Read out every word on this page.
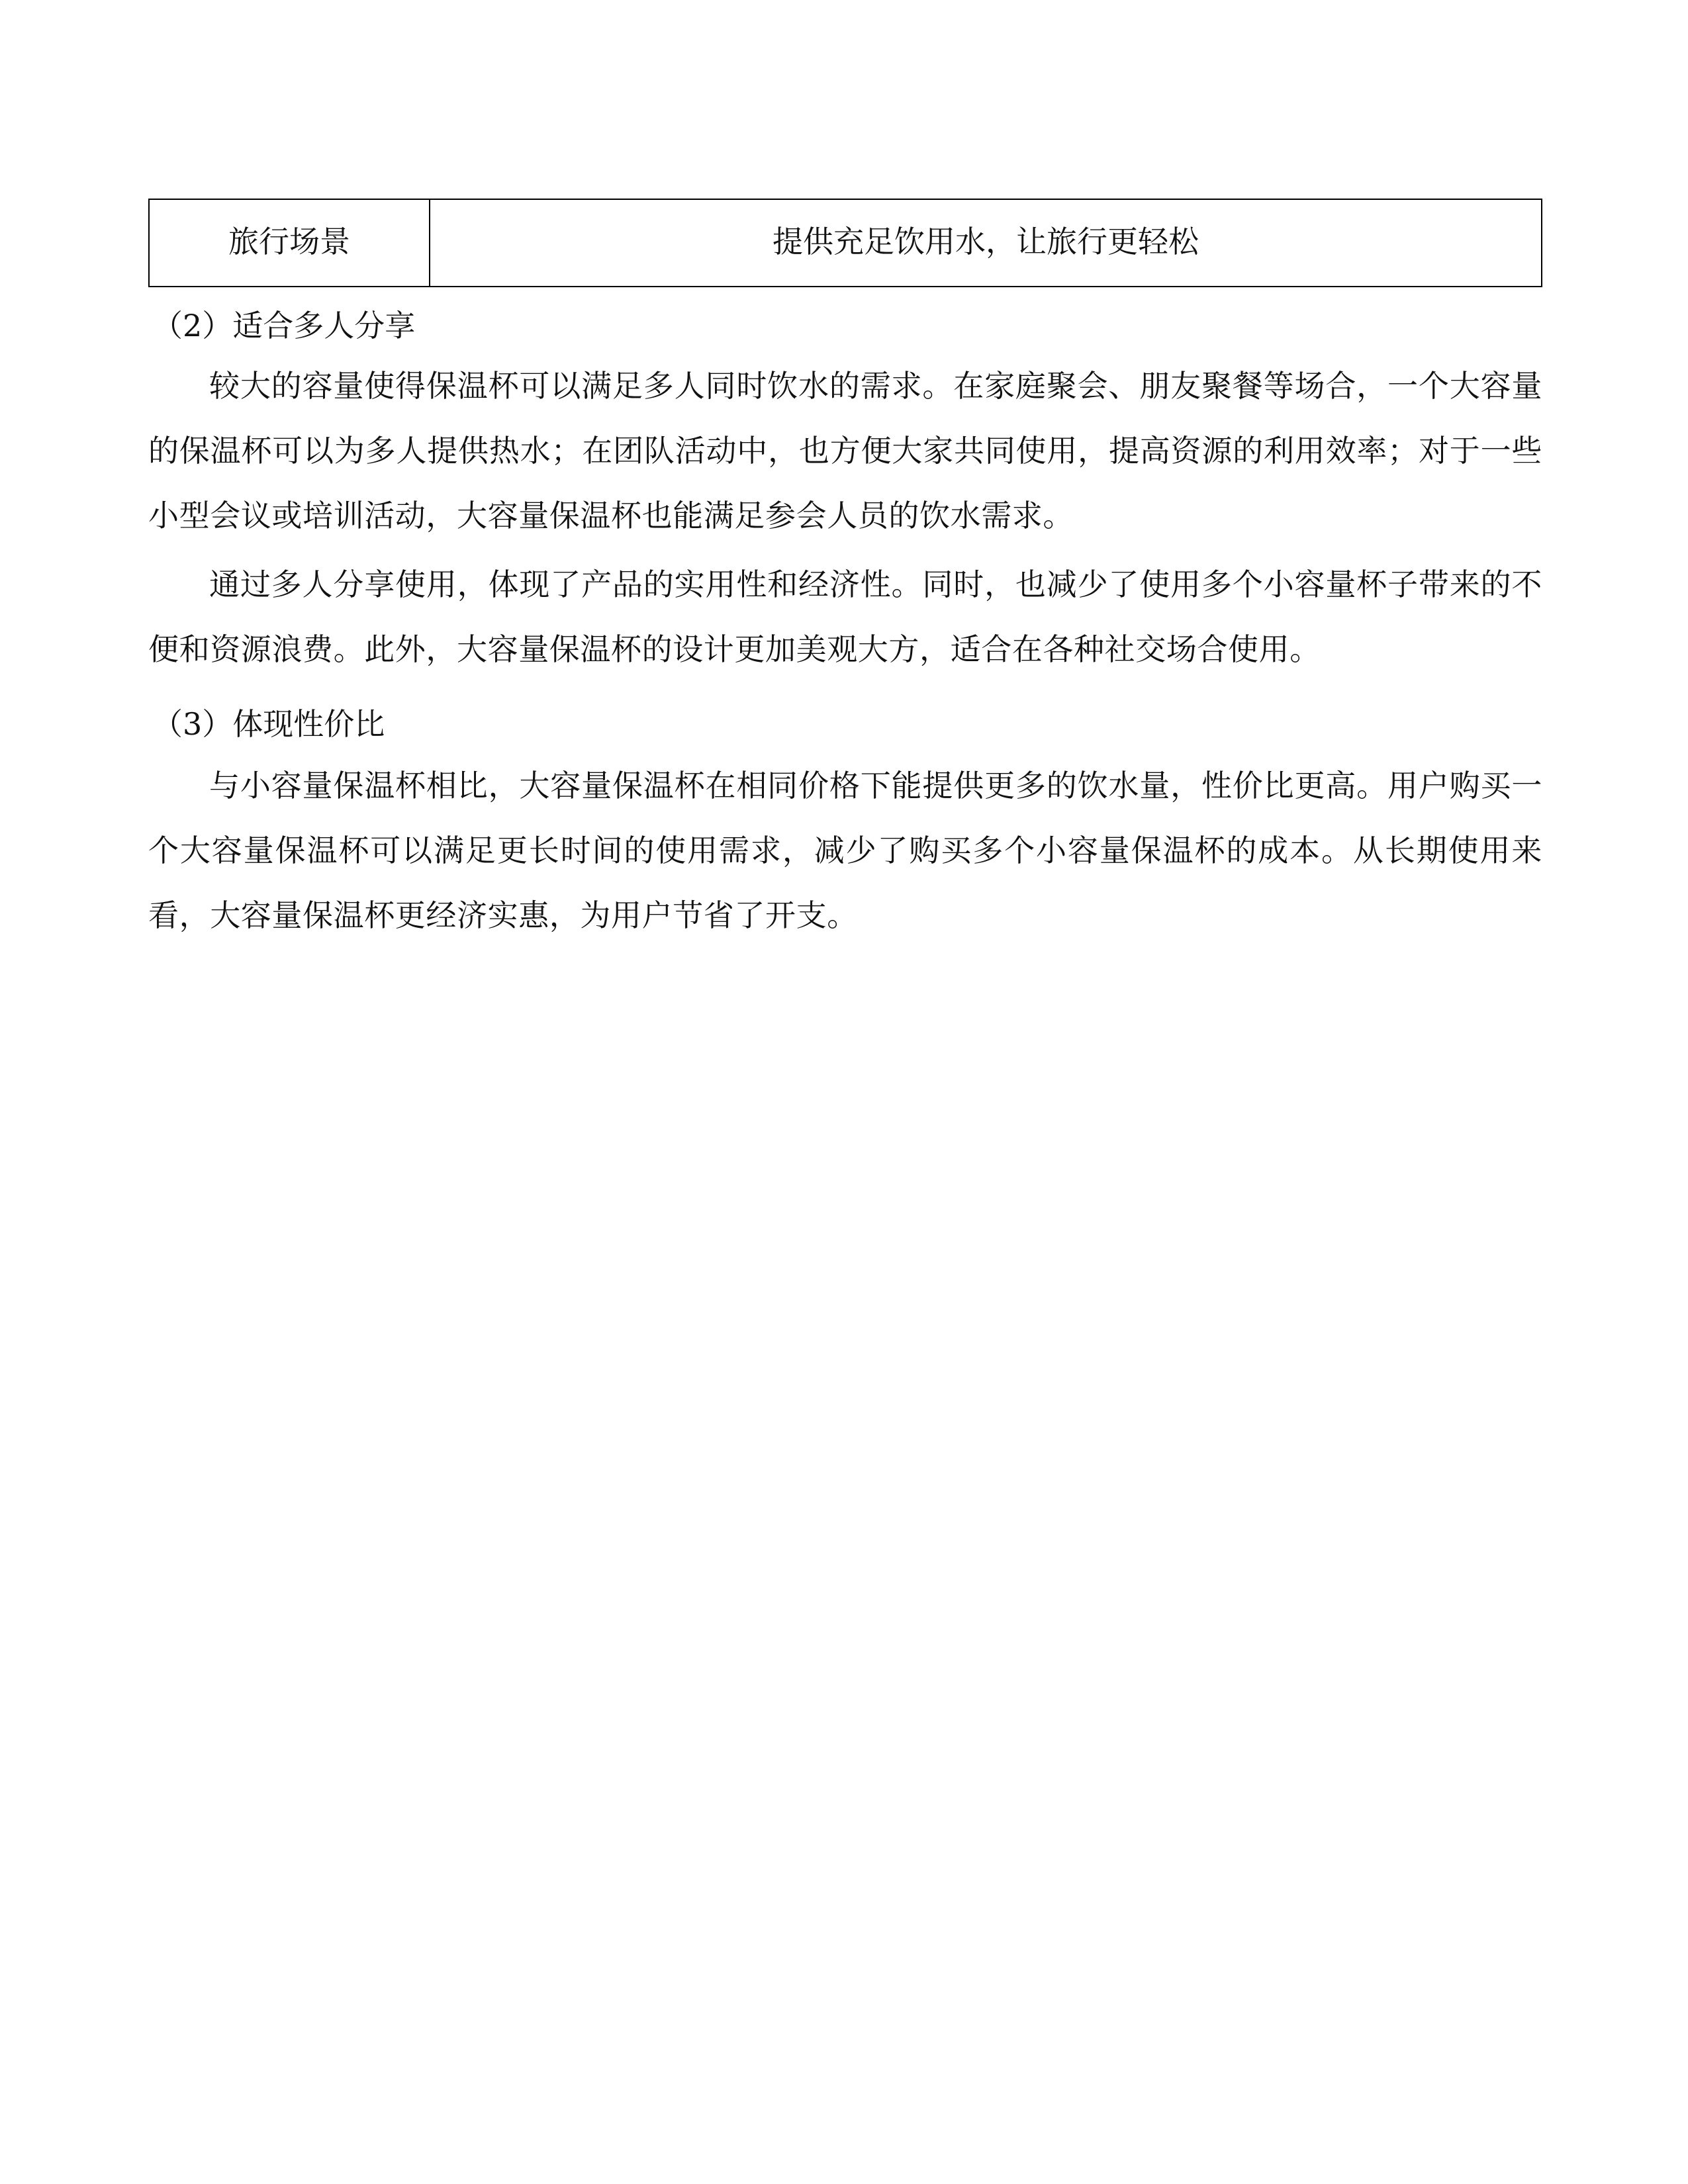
旅行场景	提供充足饮用水，让旅行更轻松

（2）适合多人分享

较大的容量使得保温杯可以满足多人同时饮水的需求。在家庭聚会、朋友聚餐等场合，一个大容量的保温杯可以为多人提供热水；在团队活动中，也方便大家共同使用，提高资源的利用效率；对于一些小型会议或培训活动，大容量保温杯也能满足参会人员的饮水需求。

通过多人分享使用，体现了产品的实用性和经济性。同时，也减少了使用多个小容量杯子带来的不便和资源浪费。此外，大容量保温杯的设计更加美观大方，适合在各种社交场合使用。

（3）体现性价比

与小容量保温杯相比，大容量保温杯在相同价格下能提供更多的饮水量，性价比更高。用户购买一个大容量保温杯可以满足更长时间的使用需求，减少了购买多个小容量保温杯的成本。从长期使用来看，大容量保温杯更经济实惠，为用户节省了开支。
